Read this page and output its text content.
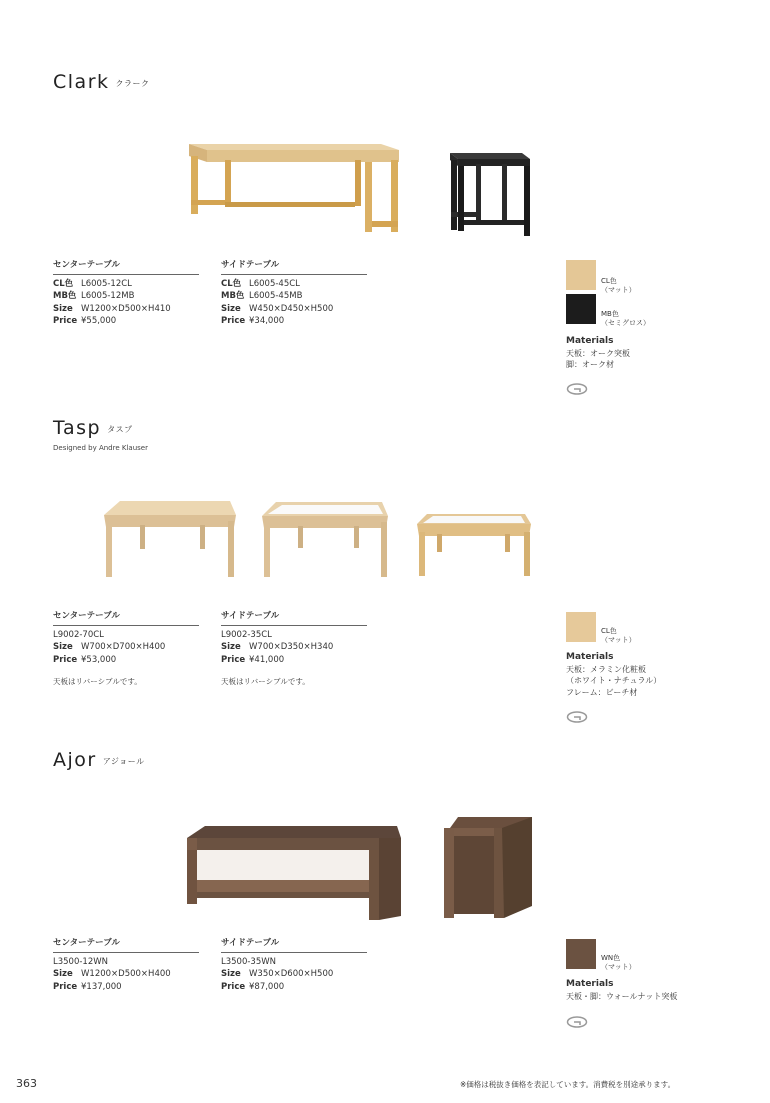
Clark クラーク
センターテーブル
CL色 L6005-12CL
MB色 L6005-12MB
Size W1200×D500×H410
Price ¥55,000
サイドテーブル
CL色 L6005-45CL
MB色 L6005-45MB
Size W450×D450×H500
Price ¥34,000
CL色
（マット）
MB色
（セミグロス）
Materials
天板：オーク突板
脚：オーク材
Tasp タスプ
Designed by Andre Klauser
センターテーブル
L9002-70CL
Size W700×D700×H400
Price ¥53,000
天板はリバーシブルです。
サイドテーブル
L9002-35CL
Size W700×D350×H340
Price ¥41,000
天板はリバーシブルです。
CL色
（マット）
Materials
天板：メラミン化粧板
（ホワイト・ナチュラル）
フレーム：ビーチ材
Ajor アジョール
センターテーブル
L3500-12WN
Size W1200×D500×H400
Price ¥137,000
サイドテーブル
L3500-35WN
Size W350×D600×H500
Price ¥87,000
WN色
（マット）
Materials
天板・脚：ウォールナット突板
363	※価格は税抜き価格を表記しています。消費税を別途承ります。
